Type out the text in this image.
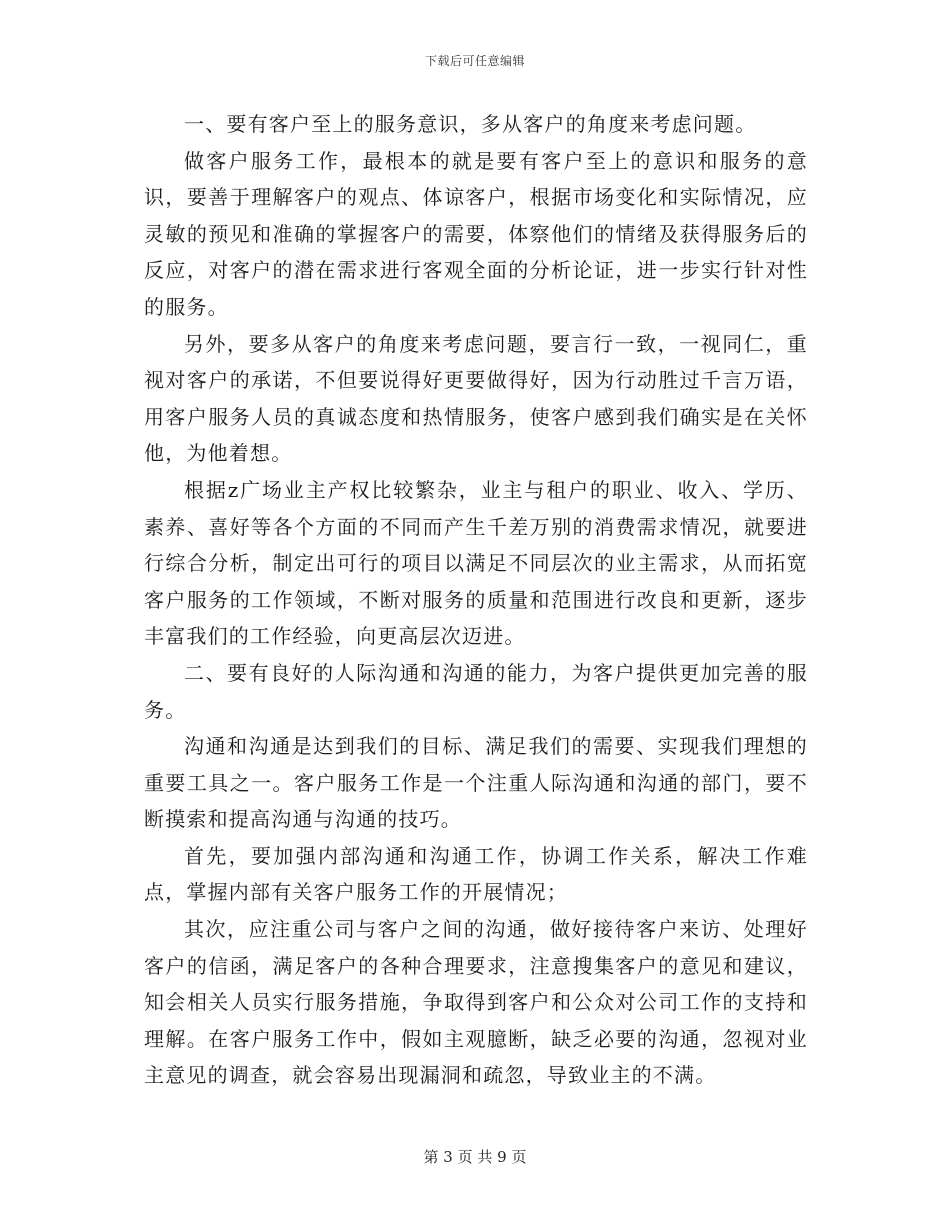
下载后可任意编辑

一、要有客户至上的服务意识，多从客户的角度来考虑问题。

做客户服务工作，最根本的就是要有客户至上的意识和服务的意识，要善于理解客户的观点、体谅客户，根据市场变化和实际情况，应灵敏的预见和准确的掌握客户的需要，体察他们的情绪及获得服务后的反应，对客户的潜在需求进行客观全面的分析论证，进一步实行针对性的服务。

另外，要多从客户的角度来考虑问题，要言行一致，一视同仁，重视对客户的承诺，不但要说得好更要做得好，因为行动胜过千言万语，用客户服务人员的真诚态度和热情服务，使客户感到我们确实是在关怀他，为他着想。

根据z广场业主产权比较繁杂，业主与租户的职业、收入、学历、素养、喜好等各个方面的不同而产生千差万别的消费需求情况，就要进行综合分析，制定出可行的项目以满足不同层次的业主需求，从而拓宽客户服务的工作领域，不断对服务的质量和范围进行改良和更新，逐步丰富我们的工作经验，向更高层次迈进。

二、要有良好的人际沟通和沟通的能力，为客户提供更加完善的服务。

沟通和沟通是达到我们的目标、满足我们的需要、实现我们理想的重要工具之一。客户服务工作是一个注重人际沟通和沟通的部门，要不断摸索和提高沟通与沟通的技巧。

首先，要加强内部沟通和沟通工作，协调工作关系，解决工作难点，掌握内部有关客户服务工作的开展情况；

其次，应注重公司与客户之间的沟通，做好接待客户来访、处理好客户的信函，满足客户的各种合理要求，注意搜集客户的意见和建议，知会相关人员实行服务措施，争取得到客户和公众对公司工作的支持和理解。在客户服务工作中，假如主观臆断，缺乏必要的沟通，忽视对业主意见的调查，就会容易出现漏洞和疏忽，导致业主的不满。

第 3 页 共 9 页
